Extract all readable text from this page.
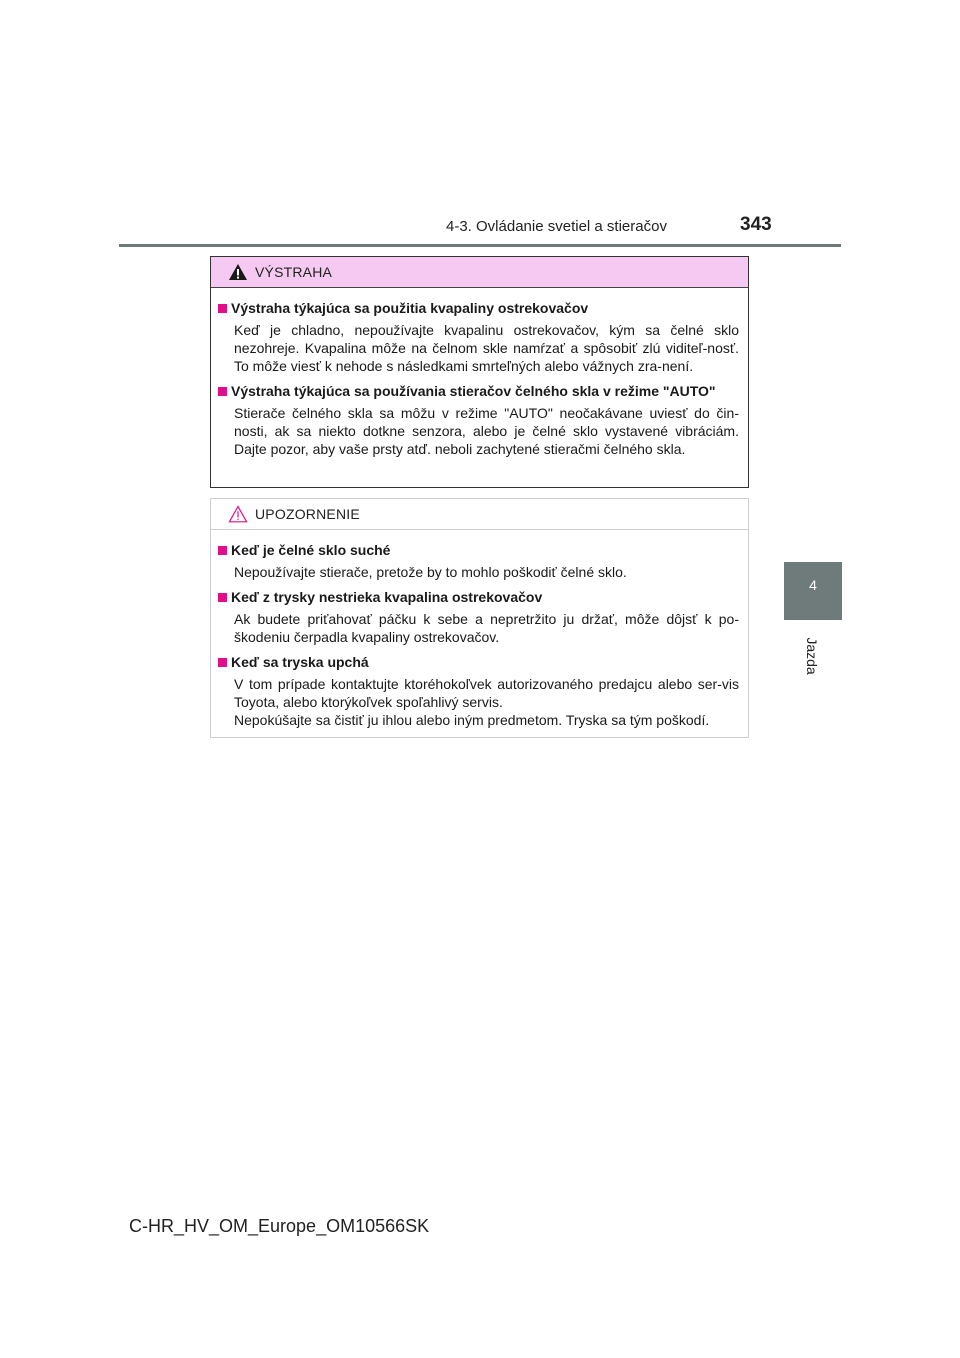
4-3. Ovládanie svetiel a stieračov	343
4
Jazda
VÝSTRAHA
Výstraha týkajúca sa použitia kvapaliny ostrekovačov

Keď je chladno, nepoužívajte kvapalinu ostrekovačov, kým sa čelné sklo nezohreje. Kvapalina môže na čelnom skle namŕzať a spôsobiť zlú viditeľ-nosť. To môže viesť k nehode s následkami smrteľných alebo vážnych zra-není.

Výstraha týkajúca sa používania stieračov čelného skla v režime "AUTO"

Stierače čelného skla sa môžu v režime "AUTO" neočakávane uviesť do čin-nosti, ak sa niekto dotkne senzora, alebo je čelné sklo vystavené vibráciám. Dajte pozor, aby vaše prsty atď. neboli zachytené stieračmi čelného skla.

UPOZORNENIE
Keď je čelné sklo suché

Nepoužívajte stierače, pretože by to mohlo poškodiť čelné sklo.

Keď z trysky nestrieka kvapalina ostrekovačov

Ak budete priťahovať páčku k sebe a nepretržito ju držať, môže dôjsť k po-škodeniu čerpadla kvapaliny ostrekovačov.

Keď sa tryska upchá

V tom prípade kontaktujte ktoréhokoľvek autorizovaného predajcu alebo ser-vis Toyota, alebo ktorýkoľvek spoľahlivý servis.

Nepokúšajte sa čistiť ju ihlou alebo iným predmetom. Tryska sa tým poškodí.

C-HR_HV_OM_Europe_OM10566SK
